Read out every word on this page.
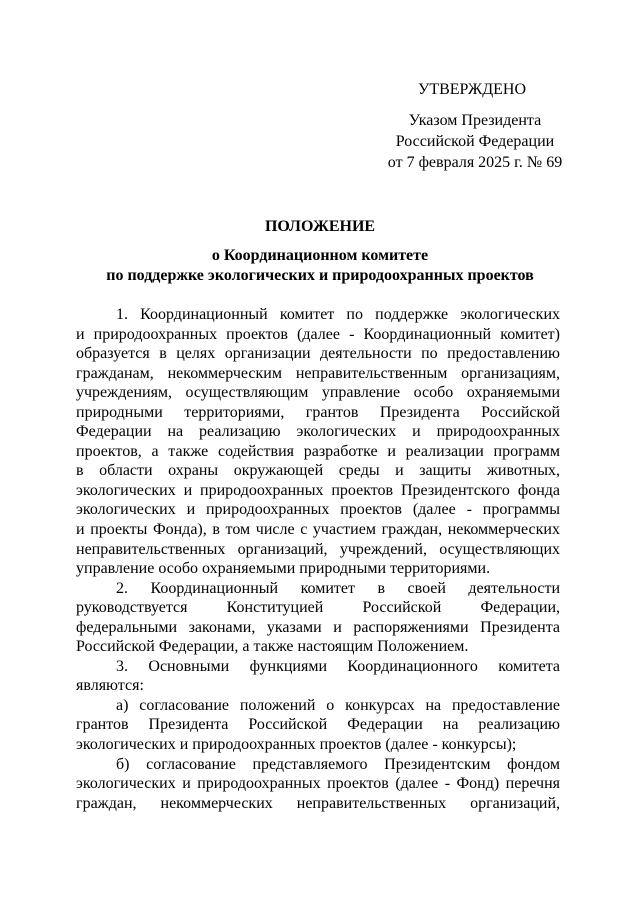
УТВЕРЖДЕНО
Указом Президента
Российской Федерации
от 7 февраля 2025 г. № 69
ПОЛОЖЕНИЕ
о Координационном комитете
по поддержке экологических и природоохранных проектов

1. Координационный комитет по поддержке экологических

и природоохранных проектов (далее - Координационный комитет)

образуется в целях организации деятельности по предоставлению

гражданам, некоммерческим неправительственным организациям,

учреждениям, осуществляющим управление особо охраняемыми

природными территориями, грантов Президента Российской

Федерации на реализацию экологических и природоохранных

проектов, а также содействия разработке и реализации программ

в области охраны окружающей среды и защиты животных,

экологических и природоохранных проектов Президентского фонда

экологических и природоохранных проектов (далее - программы

и проекты Фонда), в том числе с участием граждан, некоммерческих

неправительственных организаций, учреждений, осуществляющих

управление особо охраняемыми природными территориями.

2. Координационный комитет в своей деятельности

руководствуется Конституцией Российской Федерации,

федеральными законами, указами и распоряжениями Президента

Российской Федерации, а также настоящим Положением.

3. Основными функциями Координационного комитета

являются:

а) согласование положений о конкурсах на предоставление

грантов Президента Российской Федерации на реализацию

экологических и природоохранных проектов (далее - конкурсы);

б) согласование представляемого Президентским фондом

экологических и природоохранных проектов (далее - Фонд) перечня

граждан, некоммерческих неправительственных организаций,
